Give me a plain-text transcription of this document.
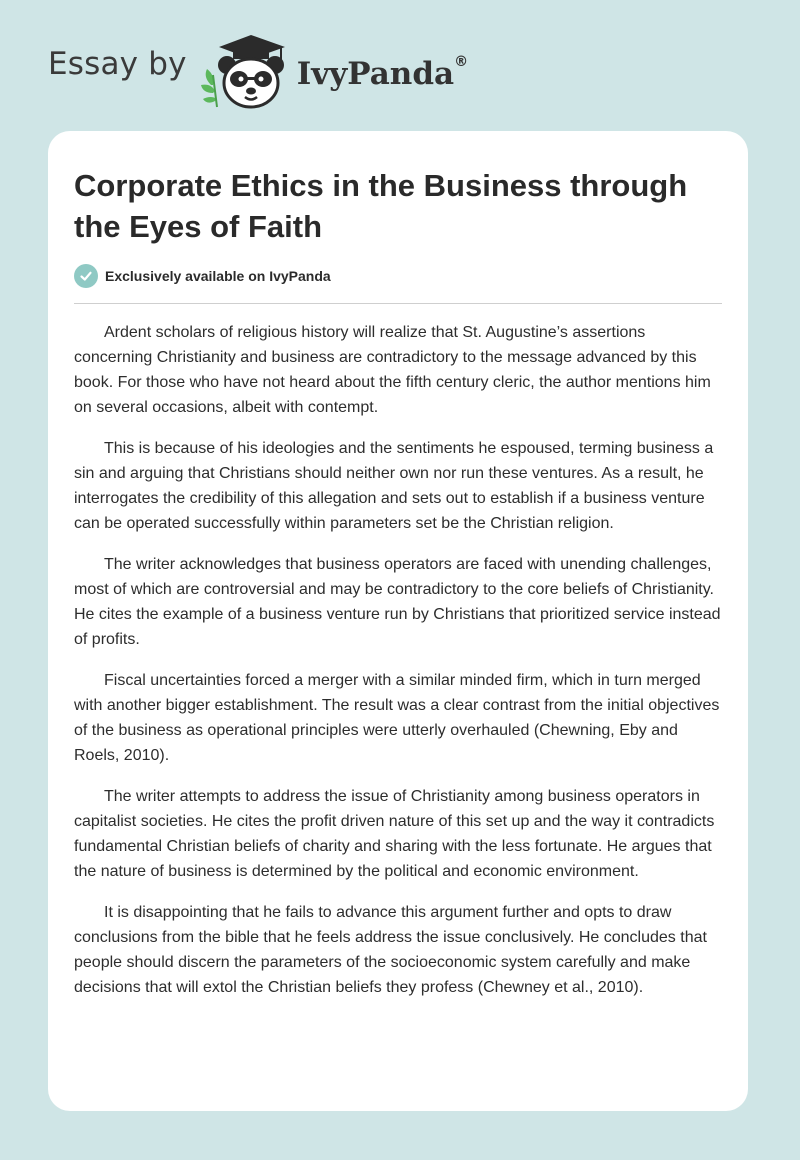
Essay by	IvyPanda®
Corporate Ethics in the Business through the Eyes of Faith
Exclusively available on IvyPanda

Ardent scholars of religious history will realize that St. Augustine’s assertions concerning Christianity and business are contradictory to the message advanced by this book. For those who have not heard about the fifth century cleric, the author mentions him on several occasions, albeit with contempt.

This is because of his ideologies and the sentiments he espoused, terming business a sin and arguing that Christians should neither own nor run these ventures. As a result, he interrogates the credibility of this allegation and sets out to establish if a business venture can be operated successfully within parameters set be the Christian religion.

The writer acknowledges that business operators are faced with unending challenges, most of which are controversial and may be contradictory to the core beliefs of Christianity. He cites the example of a business venture run by Christians that prioritized service instead of profits.

Fiscal uncertainties forced a merger with a similar minded firm, which in turn merged with another bigger establishment. The result was a clear contrast from the initial objectives of the business as operational principles were utterly overhauled (Chewning, Eby and Roels, 2010).

The writer attempts to address the issue of Christianity among business operators in capitalist societies. He cites the profit driven nature of this set up and the way it contradicts fundamental Christian beliefs of charity and sharing with the less fortunate. He argues that the nature of business is determined by the political and economic environment.

It is disappointing that he fails to advance this argument further and opts to draw conclusions from the bible that he feels address the issue conclusively. He concludes that people should discern the parameters of the socioeconomic system carefully and make decisions that will extol the Christian beliefs they profess (Chewney et al., 2010).
